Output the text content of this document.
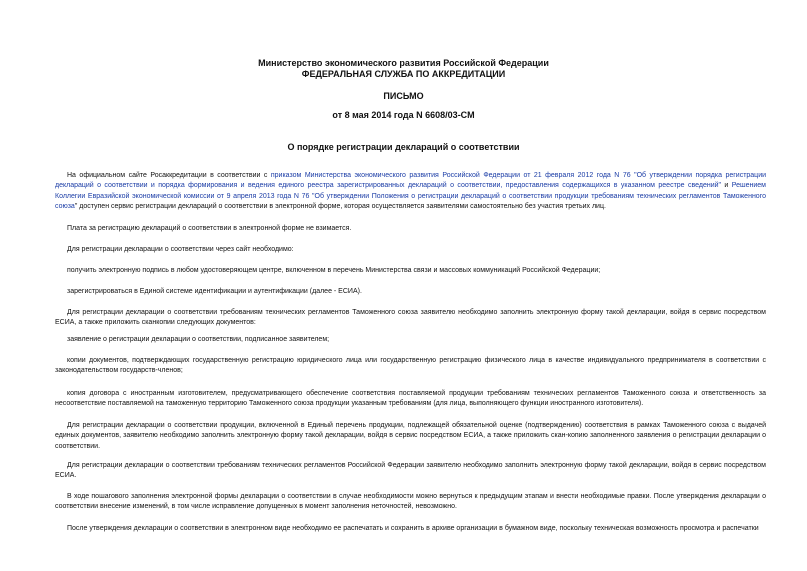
Министерство экономического развития Российской Федерации

ФЕДЕРАЛЬНАЯ СЛУЖБА ПО АККРЕДИТАЦИИ

ПИСЬМО

от 8 мая 2014 года N 6608/03-СМ

О порядке регистрации деклараций о соответствии

На официальном сайте Росаккредитации в соответствии с приказом Министерства экономического развития Российской Федерации от 21 февраля 2012 года N 76 "Об утверждении порядка регистрации деклараций о соответствии и порядка формирования и ведения единого реестра зарегистрированных деклараций о соответствии, предоставления содержащихся в указанном реестре сведений" и Решением Коллегии Евразийской экономической комиссии от 9 апреля 2013 года N 76 "Об утверждении Положения о регистрации деклараций о соответствии продукции требованиям технических регламентов Таможенного союза" доступен сервис регистрации деклараций о соответствии в электронной форме, которая осуществляется заявителями самостоятельно без участия третьих лиц.

Плата за регистрацию деклараций о соответствии в электронной форме не взимается.

Для регистрации декларации о соответствии через сайт необходимо:

получить электронную подпись в любом удостоверяющем центре, включенном в перечень Министерства связи и массовых коммуникаций Российской Федерации;

зарегистрироваться в Единой системе идентификации и аутентификации (далее - ЕСИА).

Для регистрации декларации о соответствии требованиям технических регламентов Таможенного союза заявителю необходимо заполнить электронную форму такой декларации, войдя в сервис посредством ЕСИА, а также приложить сканкопии следующих документов:

заявление о регистрации декларации о соответствии, подписанное заявителем;

копии документов, подтверждающих государственную регистрацию юридического лица или государственную регистрацию физического лица в качестве индивидуального предпринимателя в соответствии с законодательством государств-членов;

копия договора с иностранным изготовителем, предусматривающего обеспечение соответствия поставляемой продукции требованиям технических регламентов Таможенного союза и ответственность за несоответствие поставляемой на таможенную территорию Таможенного союза продукции указанным требованиям (для лица, выполняющего функции иностранного изготовителя).

Для регистрации декларации о соответствии продукции, включенной в Единый перечень продукции, подлежащей обязательной оценке (подтверждению) соответствия в рамках Таможенного союза с выдачей единых документов, заявителю необходимо заполнить электронную форму такой декларации, войдя в сервис посредством ЕСИА, а также приложить скан-копию заполненного заявления о регистрации декларации о соответствии.

Для регистрации декларации о соответствии требованиям технических регламентов Российской Федерации заявителю необходимо заполнить электронную форму такой декларации, войдя в сервис посредством ЕСИА.

В ходе пошагового заполнения электронной формы декларации о соответствии в случае необходимости можно вернуться к предыдущим этапам и внести необходимые правки. После утверждения декларации о соответствии внесение изменений, в том числе исправление допущенных в момент заполнения неточностей, невозможно.

После утверждения декларации о соответствии в электронном виде необходимо ее распечатать и сохранить в архиве организации в бумажном виде, поскольку техническая возможность просмотра и распечатки
